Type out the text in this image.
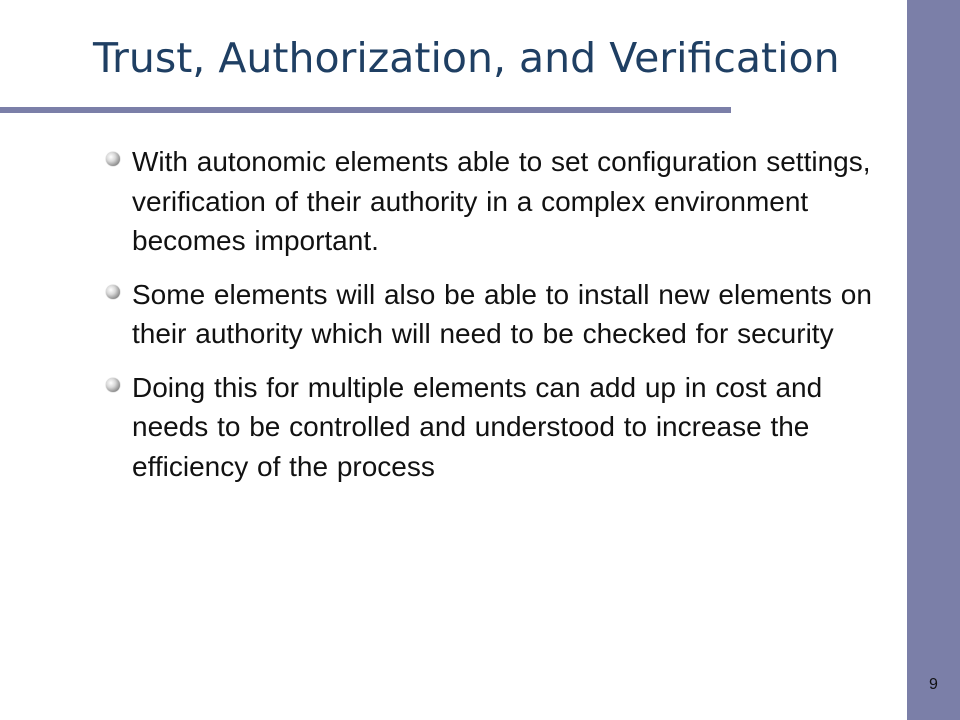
Trust, Authorization, and Verification
With autonomic elements able to set configuration settings, verification of their authority in a complex environment becomes important.
Some elements will also be able to install new elements on their authority which will need to be checked for security
Doing this for multiple elements can add up in cost and needs to be controlled and understood to increase the efficiency of the process
9
